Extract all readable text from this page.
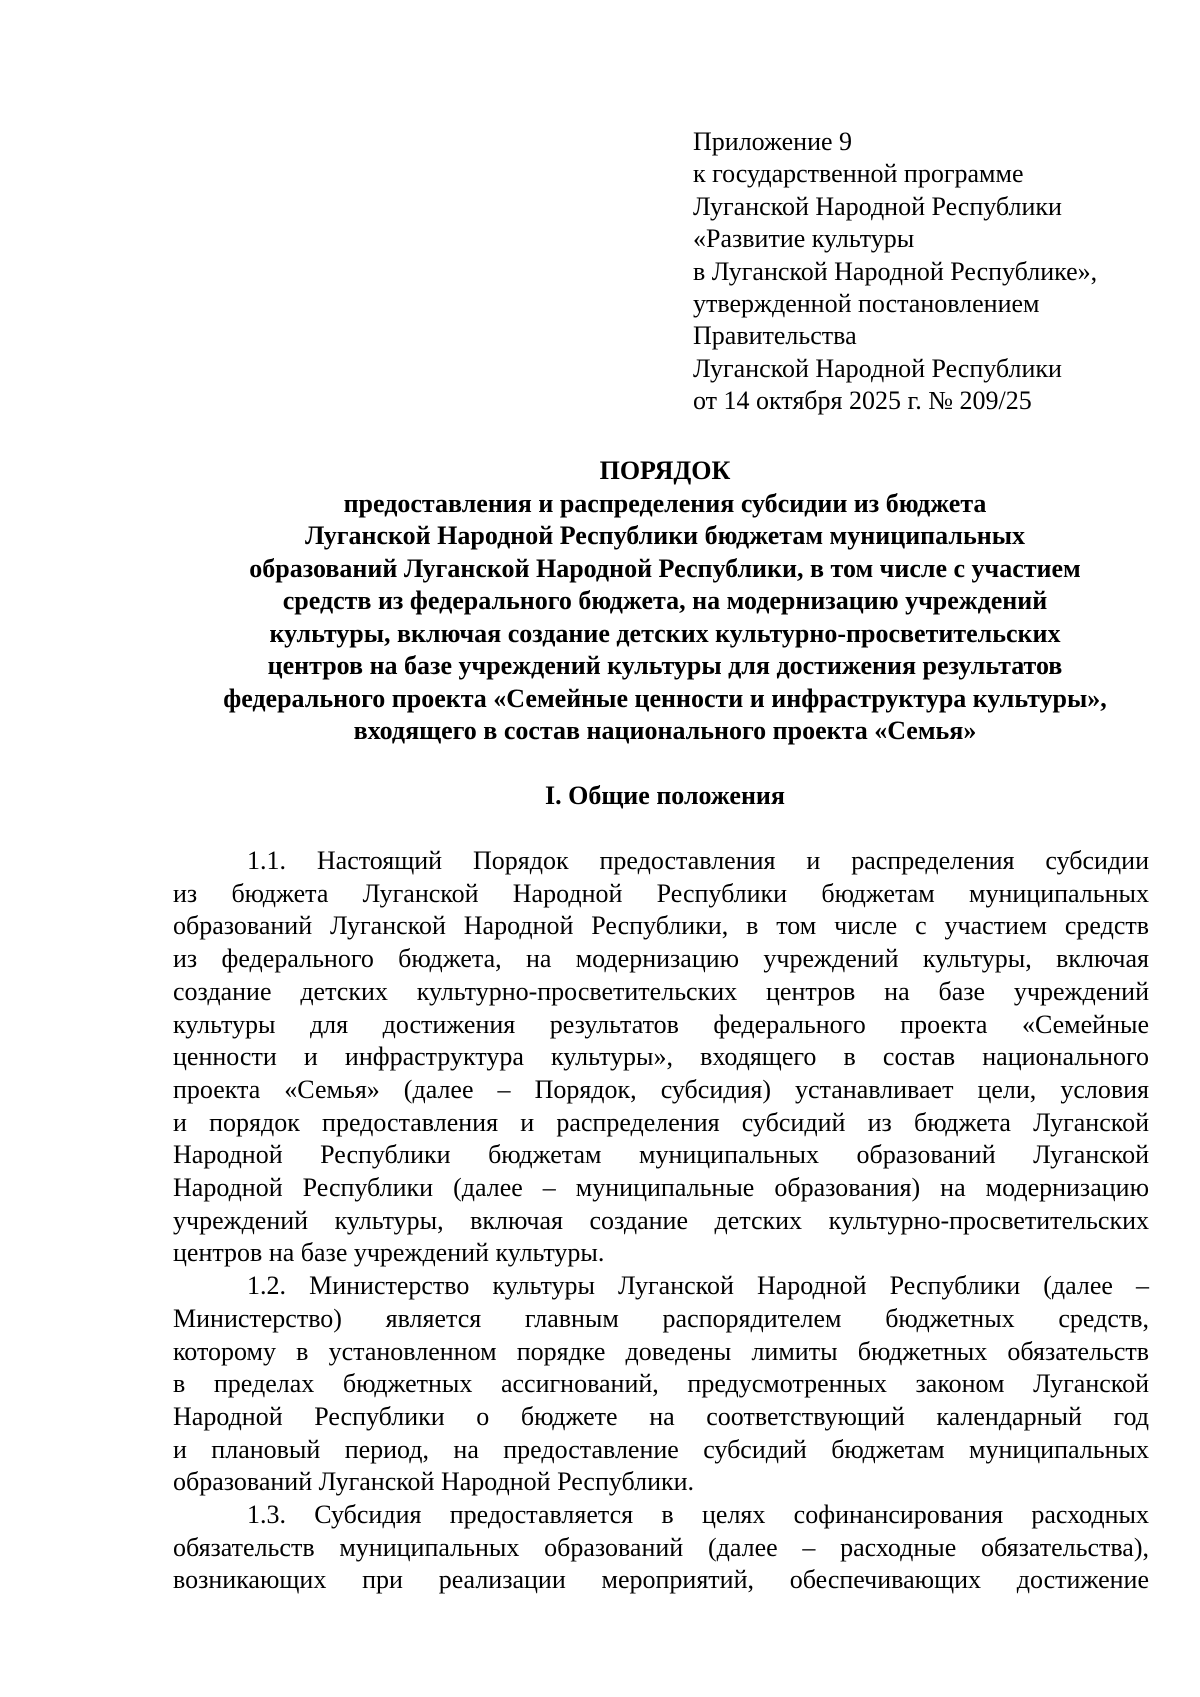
Приложение 9
к государственной программе
Луганской Народной Республики
«Развитие культуры
в Луганской Народной Республике»,
утвержденной постановлением
Правительства
Луганской Народной Республики
от 14 октября 2025 г. № 209/25
ПОРЯДОК
предоставления и распределения субсидии из бюджета
Луганской Народной Республики бюджетам муниципальных
образований Луганской Народной Республики, в том числе с участием
средств из федерального бюджета, на модернизацию учреждений
культуры, включая создание детских культурно-просветительских
центров на базе учреждений культуры для достижения результатов
федерального проекта «Семейные ценности и инфраструктура культуры»,
входящего в состав национального проекта «Семья»
I. Общие положения
1.1. Настоящий Порядок предоставления и распределения субсидии
из бюджета Луганской Народной Республики бюджетам муниципальных
образований Луганской Народной Республики, в том числе с участием средств
из федерального бюджета, на модернизацию учреждений культуры, включая
создание детских культурно-просветительских центров на базе учреждений
культуры для достижения результатов федерального проекта «Семейные
ценности и инфраструктура культуры», входящего в состав национального
проекта «Семья» (далее – Порядок, субсидия) устанавливает цели, условия
и порядок предоставления и распределения субсидий из бюджета Луганской
Народной Республики бюджетам муниципальных образований Луганской
Народной Республики (далее – муниципальные образования) на модернизацию
учреждений культуры, включая создание детских культурно-просветительских
центров на базе учреждений культуры.
1.2. Министерство культуры Луганской Народной Республики (далее –
Министерство) является главным распорядителем бюджетных средств,
которому в установленном порядке доведены лимиты бюджетных обязательств
в пределах бюджетных ассигнований, предусмотренных законом Луганской
Народной Республики о бюджете на соответствующий календарный год
и плановый период, на предоставление субсидий бюджетам муниципальных
образований Луганской Народной Республики.
1.3. Субсидия предоставляется в целях софинансирования расходных
обязательств муниципальных образований (далее – расходные обязательства),
возникающих при реализации мероприятий, обеспечивающих достижение
